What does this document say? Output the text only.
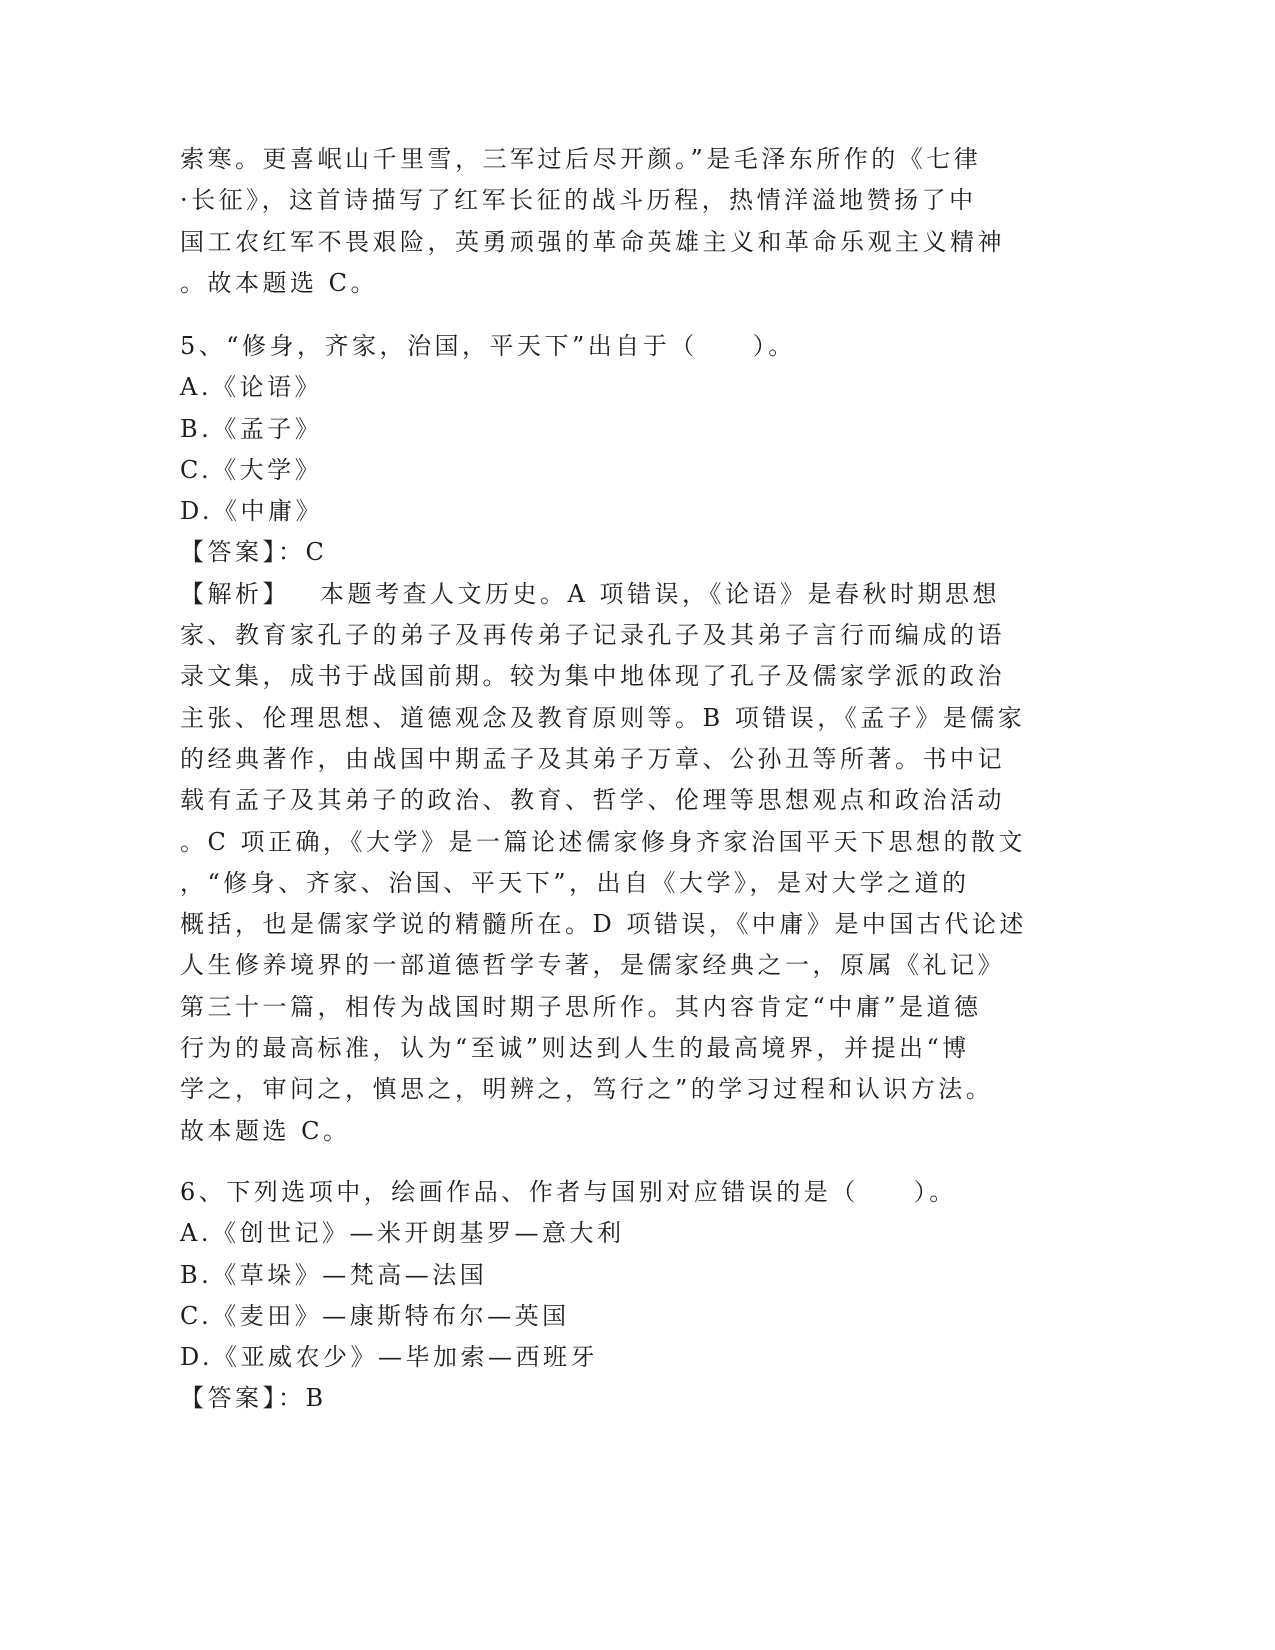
索寒。更喜岷山千里雪，三军过后尽开颜。”是毛泽东所作的《七律
·长征》，这首诗描写了红军长征的战斗历程，热情洋溢地赞扬了中
国工农红军不畏艰险，英勇顽强的革命英雄主义和革命乐观主义精神
。故本题选 C。
5、“修身，齐家，治国，平天下”出自于（　　）。
A.《论语》
B.《孟子》
C.《大学》
D.《中庸》
【答案】：C
【解析】 本题考查人文历史。A 项错误，《论语》是春秋时期思想
家、教育家孔子的弟子及再传弟子记录孔子及其弟子言行而编成的语
录文集，成书于战国前期。较为集中地体现了孔子及儒家学派的政治
主张、伦理思想、道德观念及教育原则等。B 项错误，《孟子》是儒家
的经典著作，由战国中期孟子及其弟子万章、公孙丑等所著。书中记
载有孟子及其弟子的政治、教育、哲学、伦理等思想观点和政治活动
。C 项正确，《大学》是一篇论述儒家修身齐家治国平天下思想的散文
，“修身、齐家、治国、平天下”，出自《大学》，是对大学之道的
概括，也是儒家学说的精髓所在。D 项错误，《中庸》是中国古代论述
人生修养境界的一部道德哲学专著，是儒家经典之一，原属《礼记》
第三十一篇，相传为战国时期子思所作。其内容肯定“中庸”是道德
行为的最高标准，认为“至诚”则达到人生的最高境界，并提出“博
学之，审问之，慎思之，明辨之，笃行之”的学习过程和认识方法。
故本题选 C。
6、下列选项中，绘画作品、作者与国别对应错误的是（　　）。
A.《创世记》—米开朗基罗—意大利
B.《草垛》—梵高—法国
C.《麦田》—康斯特布尔—英国
D.《亚威农少》—毕加索—西班牙
【答案】：B
